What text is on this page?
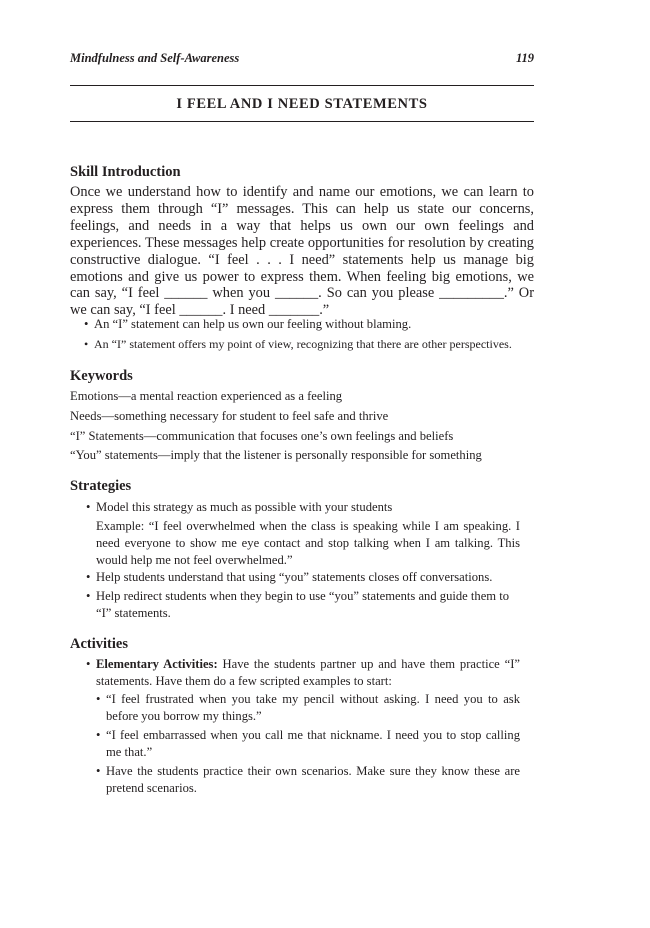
Mindfulness and Self-Awareness	119
I FEEL AND I NEED STATEMENTS
Skill Introduction

Once we understand how to identify and name our emotions, we can learn to express them through “I” messages. This can help us state our concerns, feelings, and needs in a way that helps us own our own feelings and experiences. These messages help create opportunities for resolution by creating constructive dialogue. “I feel . . . I need” statements help us manage big emotions and give us power to express them. When feeling big emotions, we can say, “I feel ______ when you ______. So can you please _________.” Or we can say, “I feel ______. I need _______.”

• An “I” statement can help us own our feeling without blaming.
• An “I” statement offers my point of view, recognizing that there are other perspectives.
Keywords
Emotions—a mental reaction experienced as a feeling
Needs—something necessary for student to feel safe and thrive
“I” Statements—communication that focuses one’s own feelings and beliefs
“You” statements—imply that the listener is personally responsible for something
Strategies
• Model this strategy as much as possible with your students

Example: “I feel overwhelmed when the class is speaking while I am speaking. I need everyone to show me eye contact and stop talking when I am talking. This would help me not feel overwhelmed.”

• Help students understand that using “you” statements closes off conversations.
• Help redirect students when they begin to use “you” statements and guide them to “I” statements.
Activities
• Elementary Activities: Have the students partner up and have them practice “I” statements. Have them do a few scripted examples to start:
• “I feel frustrated when you take my pencil without asking. I need you to ask before you borrow my things.”
• “I feel embarrassed when you call me that nickname. I need you to stop calling me that.”
• Have the students practice their own scenarios. Make sure they know these are pretend scenarios.
